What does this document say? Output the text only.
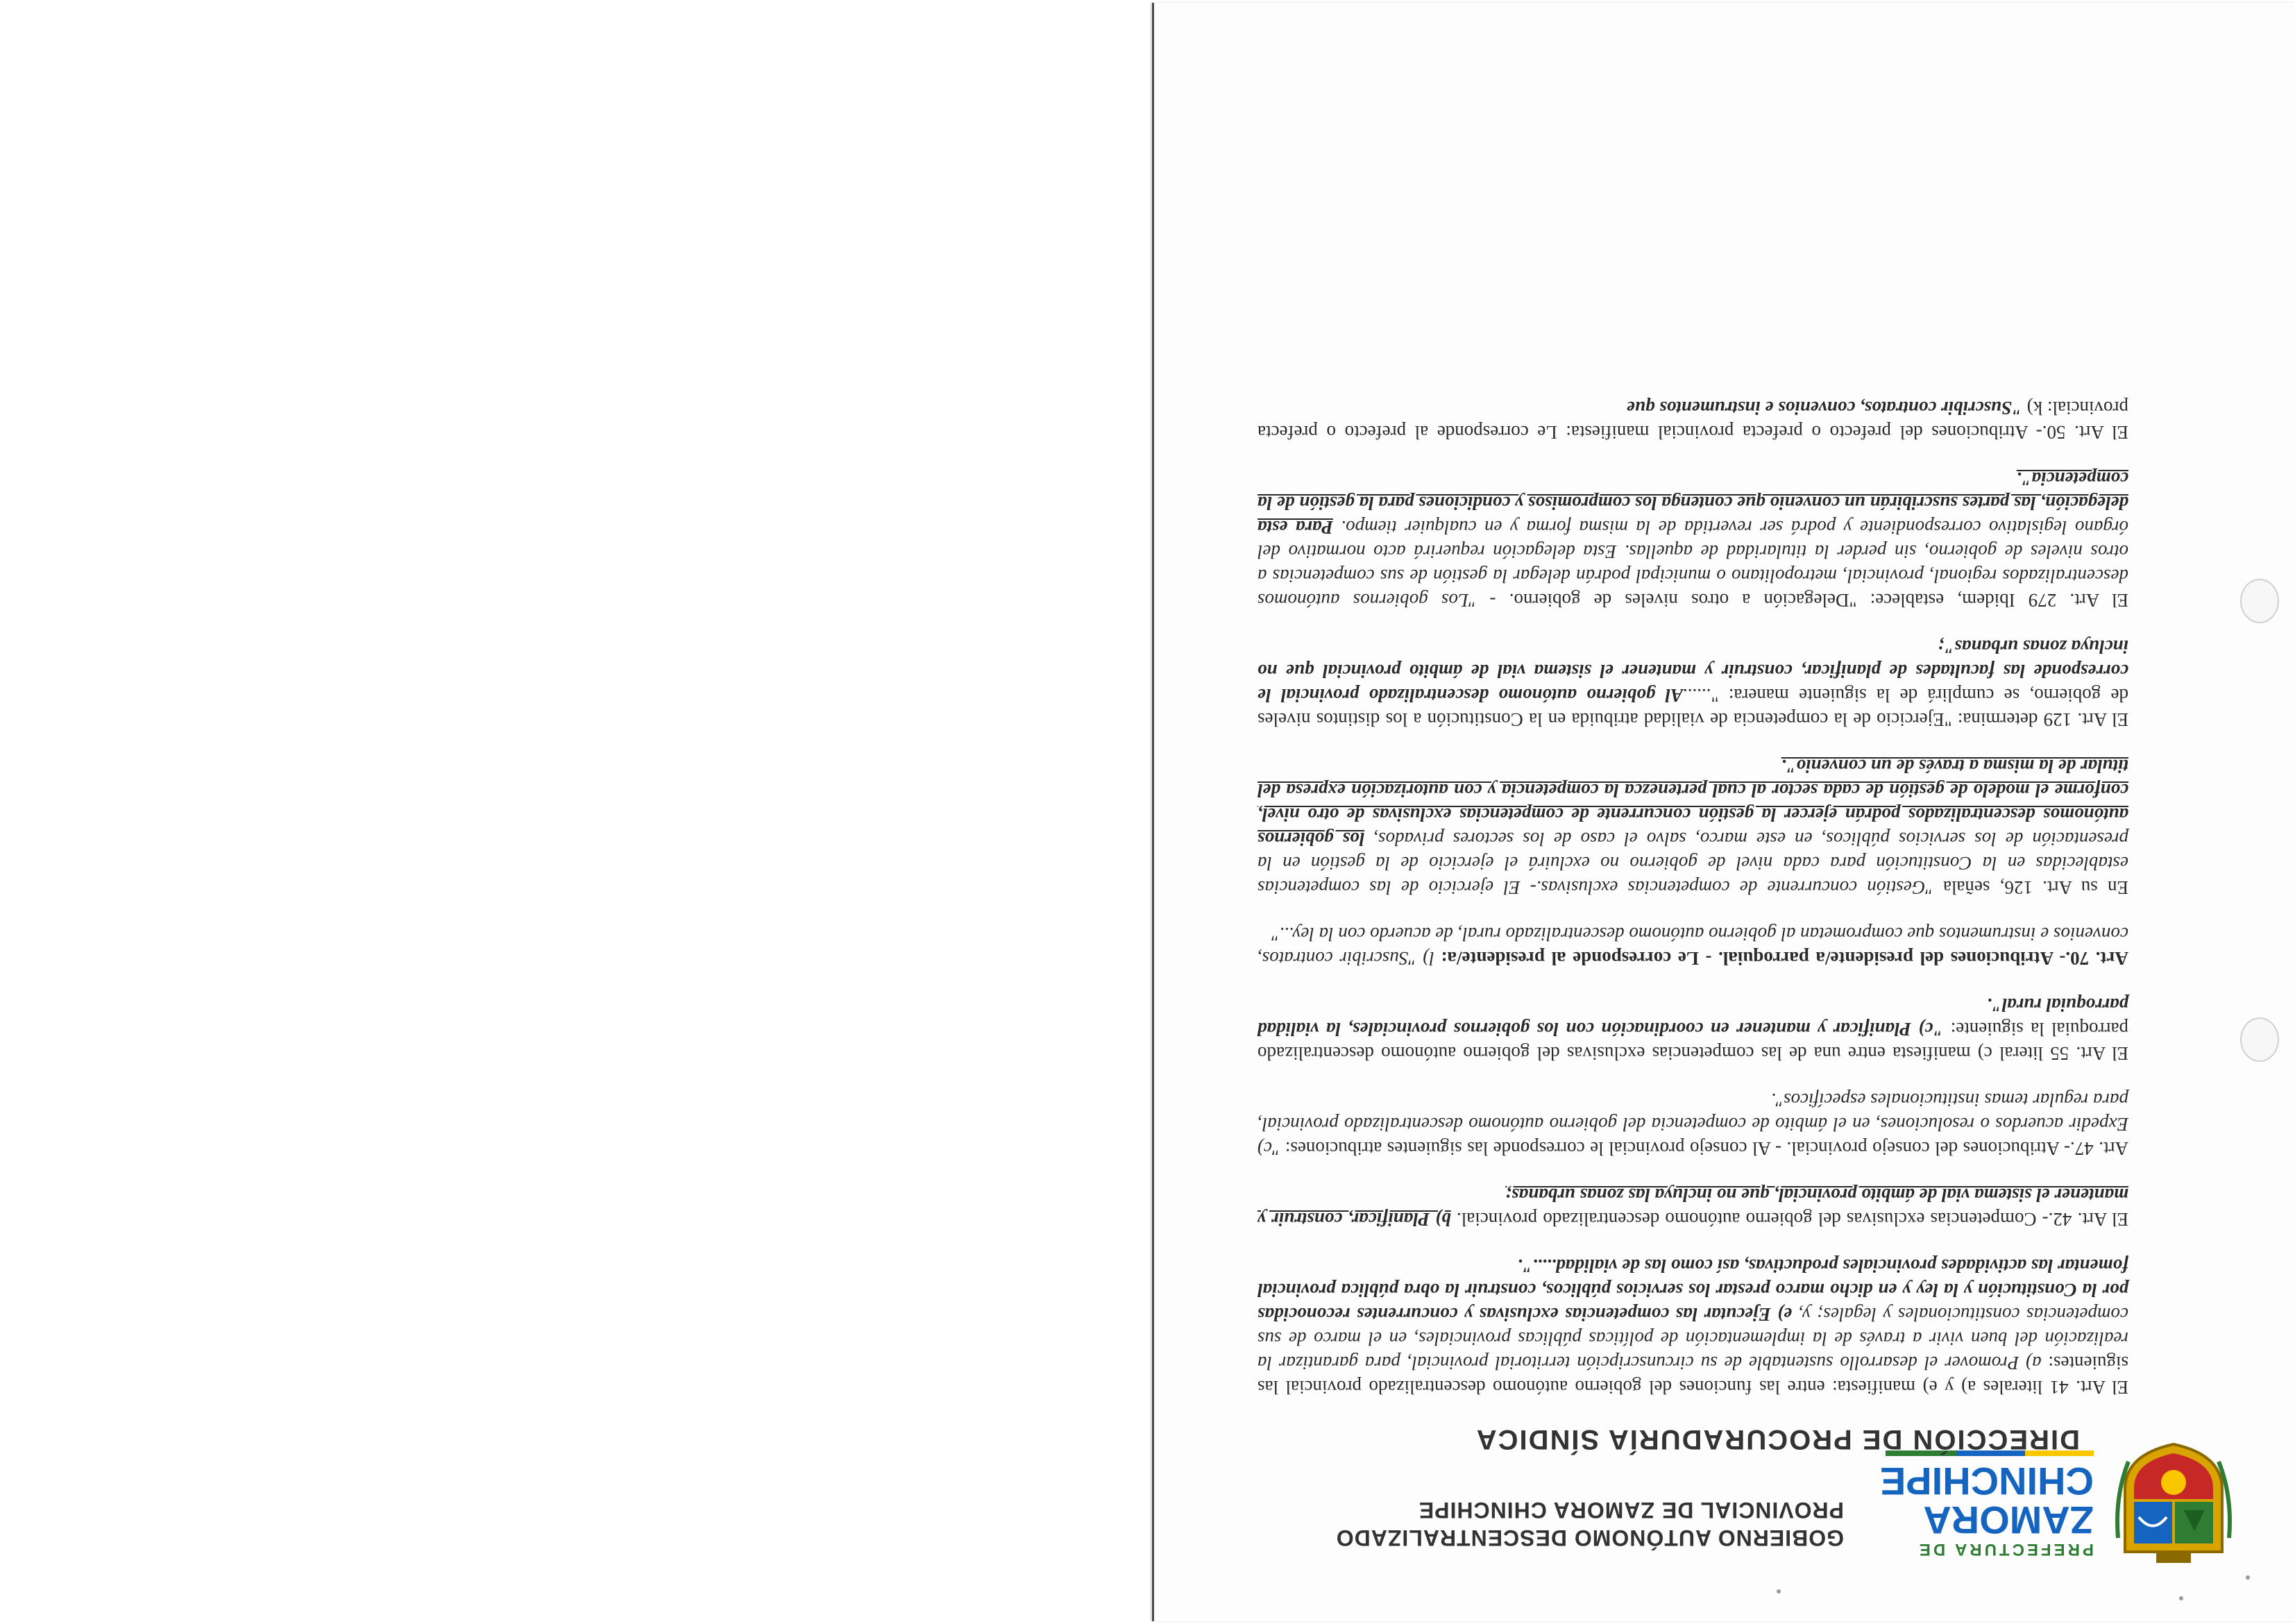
PREFECTURA DE
ZAMORA
CHINCHIPE
GOBIERNO AUTÓNOMO DESCENTRALIZADO PROVINCIAL DE ZAMORA CHINCHIPE
DIRECCIÓN DE PROCURADURÍA SÍNDICA

El Art. 41 literales a) y e) manifiesta: entre las funciones del gobierno autónomo descentralizado provincial las siguientes: a) Promover el desarrollo sustentable de su circunscripción territorial provincial, para garantizar la realización del buen vivir a través de la implementación de políticas públicas provinciales, en el marco de sus competencias constitucionales y legales; y, e) Ejecutar las competencias exclusivas y concurrentes reconocidas por la Constitución y la ley y en dicho marco prestar los servicios públicos, construir la obra pública provincial fomentar las actividades provinciales productivas, así como las de vialidad.....".

El Art. 42.- Competencias exclusivas del gobierno autónomo descentralizado provincial. b) Planificar, construir y mantener el sistema vial de ámbito provincial, que no incluya las zonas urbanas;

Art. 47.- Atribuciones del consejo provincial. - Al consejo provincial le corresponde las siguientes atribuciones: "c) Expedir acuerdos o resoluciones, en el ámbito de competencia del gobierno autónomo descentralizado provincial, para regular temas institucionales específicos".

El Art. 55 literal c) manifiesta entre una de las competencias exclusivas del gobierno autónomo descentralizado parroquial la siguiente: "c) Planificar y mantener en coordinación con los gobiernos provinciales, la vialidad parroquial rural".

Art. 70.- Atribuciones del presidente/a parroquial. - Le corresponde al presidente/a: l) "Suscribir contratos, convenios e instrumentos que comprometan al gobierno autónomo descentralizado rural, de acuerdo con la ley..."

En su Art. 126, señala "Gestión concurrente de competencias exclusivas.- El ejercicio de las competencias establecidas en la Constitución para cada nivel de gobierno no excluirá el ejercicio de la gestión en la presentación de los servicios públicos, en este marco, salvo el caso de los sectores privados, los gobiernos autónomos descentralizados podrán ejercer la gestión concurrente de competencias exclusivas de otro nivel, conforme el modelo de gestión de cada sector al cual pertenezca la competencia y con autorización expresa del titular de la misma a través de un convenio".

El Art. 129 determina: "Ejercicio de la competencia de vialidad atribuida en la Constitución a los distintos niveles de gobierno, se cumplirá de la siguiente manera: "......Al gobierno autónomo descentralizado provincial le corresponde las facultades de planificar, construir y mantener el sistema vial de ámbito provincial que no incluya zonas urbanas";

El Art. 279 Ibidem, establece: "Delegación a otros niveles de gobierno. - "Los gobiernos autónomos descentralizados regional, provincial, metropolitano o municipal podrán delegar la gestión de sus competencias a otros niveles de gobierno, sin perder la titularidad de aquellas. Esta delegación requerirá acto normativo del órgano legislativo correspondiente y podrá ser revertida de la misma forma y en cualquier tiempo. Para esta delegación, las partes suscribirán un convenio que contenga los compromisos y condiciones para la gestión de la competencia".

El Art. 50.- Atribuciones del prefecto o prefecta provincial manifiesta: Le corresponde al prefecto o prefecta provincial: k) "Suscribir contratos, convenios e instrumentos que
